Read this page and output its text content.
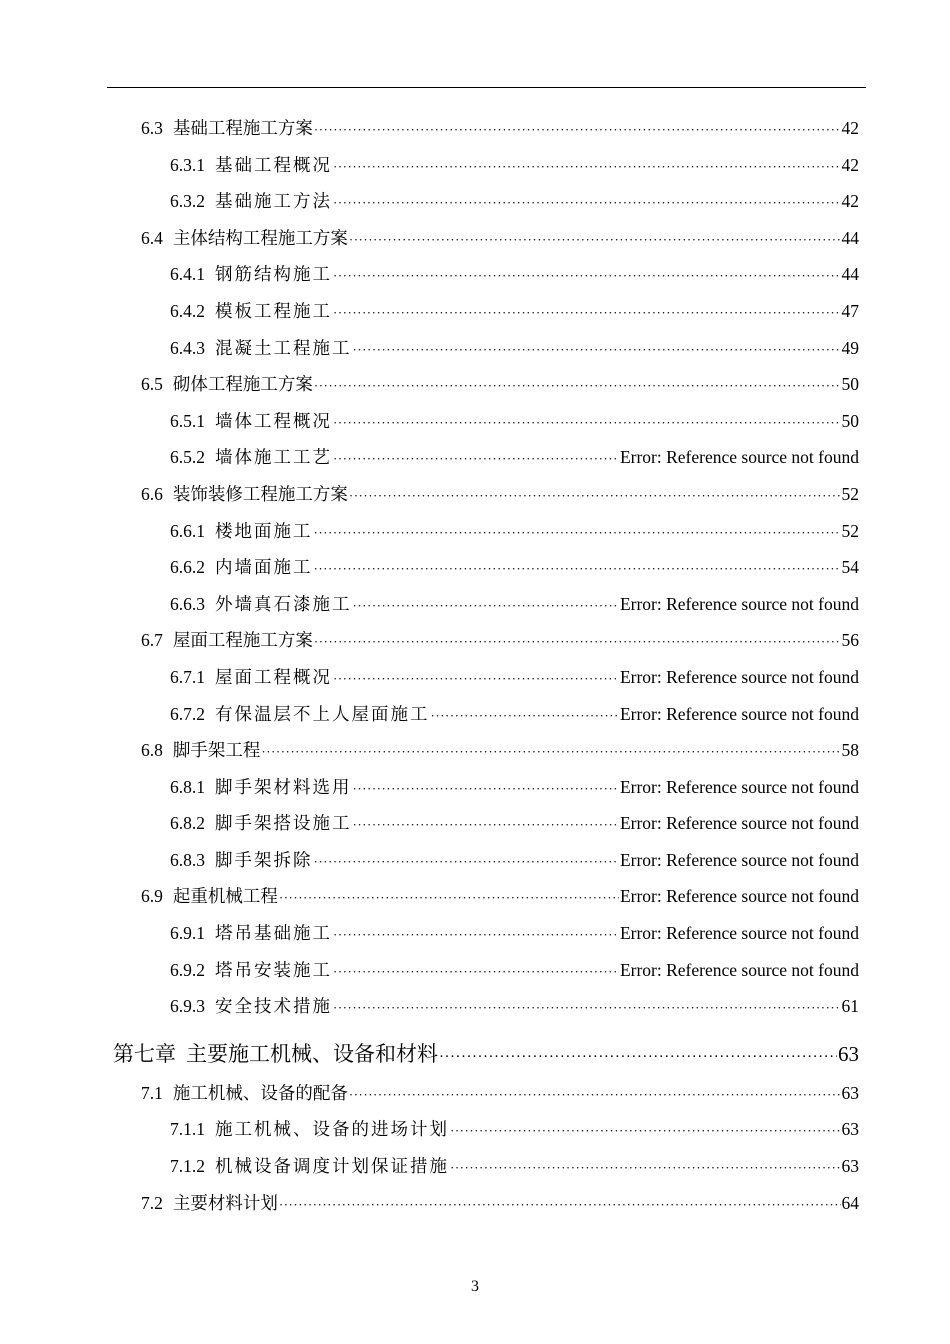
6.3 基础工程施工方案 ·····	42
6.3.1 基础工程概况 ·····	42
6.3.2 基础施工方法 ·····	42
6.4 主体结构工程施工方案 ·····	44
6.4.1 钢筋结构施工 ·····	44
6.4.2 模板工程施工 ·····	47
6.4.3 混凝土工程施工 ·····	49
6.5 砌体工程施工方案 ·····	50
6.5.1 墙体工程概况 ·····	50
6.5.2 墙体施工工艺 ·····	Error: Reference source not found
6.6 装饰装修工程施工方案 ·····	52
6.6.1 楼地面施工 ·····	52
6.6.2 内墙面施工 ·····	54
6.6.3 外墙真石漆施工 ·····	Error: Reference source not found
6.7 屋面工程施工方案 ·····	56
6.7.1 屋面工程概况 ·····	Error: Reference source not found
6.7.2 有保温层不上人屋面施工 ·····	Error: Reference source not found
6.8 脚手架工程 ·····	58
6.8.1 脚手架材料选用 ·····	Error: Reference source not found
6.8.2 脚手架搭设施工 ·····	Error: Reference source not found
6.8.3 脚手架拆除 ·····	Error: Reference source not found
6.9 起重机械工程 ·····	Error: Reference source not found
6.9.1 塔吊基础施工 ·····	Error: Reference source not found
6.9.2 塔吊安装施工 ·····	Error: Reference source not found
6.9.3 安全技术措施 ·····	61
第七章 主要施工机械、设备和材料 ·····	63
7.1 施工机械、设备的配备 ·····	63
7.1.1 施工机械、设备的进场计划 ·····	63
7.1.2 机械设备调度计划保证措施 ·····	63
7.2 主要材料计划 ·····	64
3
